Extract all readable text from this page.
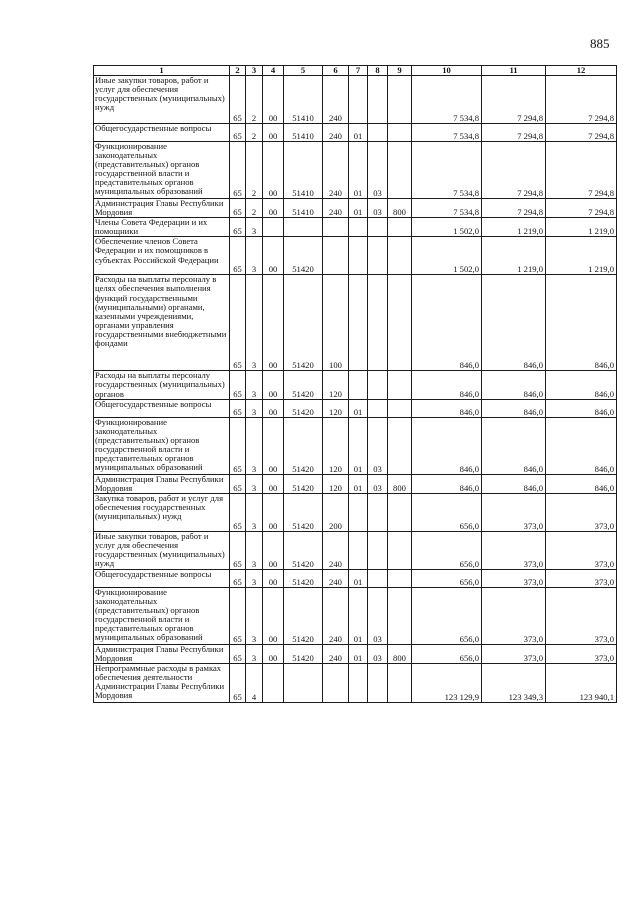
885
1	2	3	4	5	6	7	8	9	10	11	12
Иные закупки товаров, работ и услуг для обеспечения государственных (муниципальных) нужд	65	2	00	51410	240				7 534,8	7 294,8	7 294,8
Общегосударственные вопросы	65	2	00	51410	240	01			7 534,8	7 294,8	7 294,8
Функционирование законодательных (представительных) органов государственной власти и представительных органов муниципальных образований	65	2	00	51410	240	01	03		7 534,8	7 294,8	7 294,8
Администрация Главы Республики Мордовия	65	2	00	51410	240	01	03	800	7 534,8	7 294,8	7 294,8
Члены Совета Федерации и их помощники	65	3							1 502,0	1 219,0	1 219,0
Обеспечение членов Совета Федерации и их помощников в субъектах Российской Федерации	65	3	00	51420					1 502,0	1 219,0	1 219,0
Расходы на выплаты персоналу в целях обеспечения выполнения функций государственными (муниципальными) органами, казенными учреждениями, органами управления государственными внебюджетными фондами	65	3	00	51420	100				846,0	846,0	846,0
Расходы на выплаты персоналу государственных (муниципальных) органов	65	3	00	51420	120				846,0	846,0	846,0
Общегосударственные вопросы	65	3	00	51420	120	01			846,0	846,0	846,0
Функционирование законодательных (представительных) органов государственной власти и представительных органов муниципальных образований	65	3	00	51420	120	01	03		846,0	846,0	846,0
Администрация Главы Республики Мордовия	65	3	00	51420	120	01	03	800	846,0	846,0	846,0
Закупка товаров, работ и услуг для обеспечения государственных (муниципальных) нужд	65	3	00	51420	200				656,0	373,0	373,0
Иные закупки товаров, работ и услуг для обеспечения государственных (муниципальных) нужд	65	3	00	51420	240				656,0	373,0	373,0
Общегосударственные вопросы	65	3	00	51420	240	01			656,0	373,0	373,0
Функционирование законодательных (представительных) органов государственной власти и представительных органов муниципальных образований	65	3	00	51420	240	01	03		656,0	373,0	373,0
Администрация Главы Республики Мордовия	65	3	00	51420	240	01	03	800	656,0	373,0	373,0
Непрограммные расходы в рамках обеспечения деятельности Администрации Главы Республики Мордовия	65	4							123 129,9	123 349,3	123 940,1
